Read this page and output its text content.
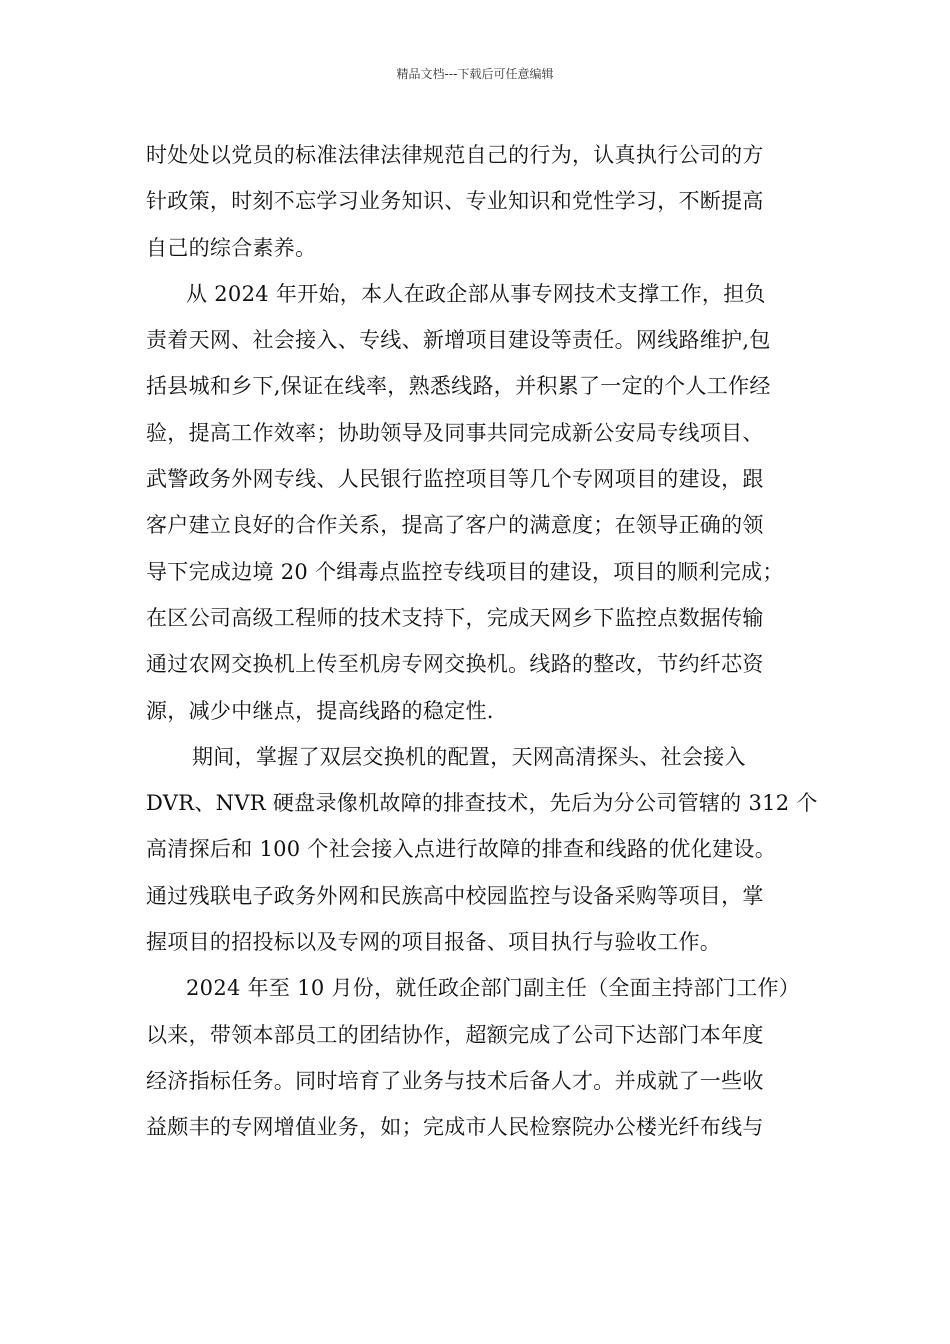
精品文档---下载后可任意编辑
时处处以党员的标准法律法律规范自己的行为，认真执行公司的方
针政策，时刻不忘学习业务知识、专业知识和党性学习，不断提高
自己的综合素养。
从 2024 年开始，本人在政企部从事专网技术支撑工作，担负
责着天网、社会接入、专线、新增项目建设等责任。网线路维护,包
括县城和乡下,保证在线率，熟悉线路，并积累了一定的个人工作经
验，提高工作效率；协助领导及同事共同完成新公安局专线项目、
武警政务外网专线、人民银行监控项目等几个专网项目的建设，跟
客户建立良好的合作关系，提高了客户的满意度；在领导正确的领
导下完成边境 20 个缉毒点监控专线项目的建设，项目的顺利完成；
在区公司高级工程师的技术支持下，完成天网乡下监控点数据传输
通过农网交换机上传至机房专网交换机。线路的整改，节约纤芯资
源，减少中继点，提高线路的稳定性.
期间，掌握了双层交换机的配置，天网高清探头、社会接入
DVR、NVR 硬盘录像机故障的排查技术，先后为分公司管辖的 312 个
高清探后和 100 个社会接入点进行故障的排查和线路的优化建设。
通过残联电子政务外网和民族高中校园监控与设备采购等项目，掌
握项目的招投标以及专网的项目报备、项目执行与验收工作。
2024 年至 10 月份，就任政企部门副主任（全面主持部门工作）
以来，带领本部员工的团结协作，超额完成了公司下达部门本年度
经济指标任务。同时培育了业务与技术后备人才。并成就了一些收
益颇丰的专网增值业务，如；完成市人民检察院办公楼光纤布线与
